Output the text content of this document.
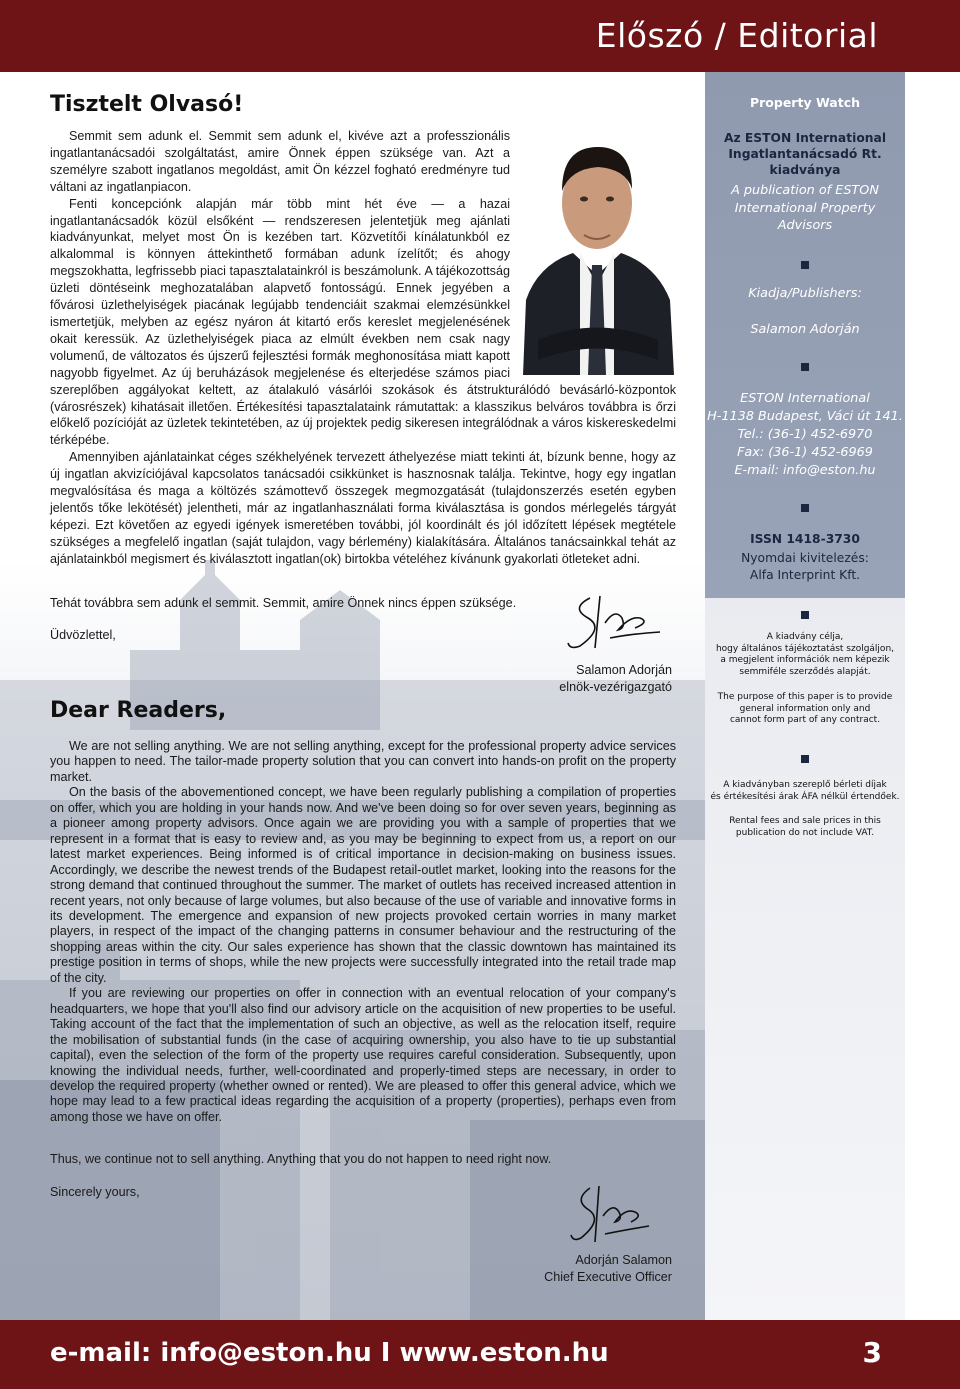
Előszó / Editorial
Property Watch
Az ESTON International
Ingatlantanácsadó Rt. kiadványa
A publication of ESTON
International Property
Advisors
Kiadja/Publishers:
Salamon Adorján
ESTON International
H-1138 Budapest, Váci út 141.
Tel.: (36-1) 452-6970
Fax: (36-1) 452-6969
E-mail: info@eston.hu
ISSN 1418-3730
Nyomdai kivitelezés:
Alfa Interprint Kft.
A kiadvány célja,
hogy általános tájékoztatást szolgáljon,
a megjelent információk nem képezik
semmiféle szerződés alapját.
The purpose of this paper is to provide
general information only and
cannot form part of any contract.
A kiadványban szereplő bérleti díjak
és értékesítési árak ÁFA nélkül értendőek.
Rental fees and sale prices in this
publication do not include VAT.
Tisztelt Olvasó!

Semmit sem adunk el. Semmit sem adunk el, kivéve azt a professzionális ingatlantanácsadói szolgáltatást, amire Önnek éppen szüksége van. Azt a személyre szabott ingatlanos megoldást, amit Ön kézzel fogható eredményre tud váltani az ingatlanpiacon.

Fenti koncepciónk alapján már több mint hét éve — a hazai ingatlantanácsadók közül elsőként — rendszeresen jelentetjük meg ajánlati kiadványunkat, melyet most Ön is kezében tart. Közvetítői kínálatunkból ez alkalommal is könnyen áttekinthető formában adunk ízelítőt; és ahogy megszokhatta, legfrissebb piaci tapasztalatainkról is beszámolunk. A tájékozottság üzleti döntéseink meghozatalában alapvető fontosságú. Ennek jegyében a fővárosi üzlethelyiségek piacának legújabb tendenciáit szakmai elemzésünkkel ismertetjük, melyben az egész nyáron át kitartó erős kereslet megjelenésének okait keressük. Az üzlethelyiségek piaca az elmúlt években nem csak nagy volumenű, de változatos és újszerű fejlesztési formák meghonosítása miatt kapott nagyobb figyelmet. Az új beruházások megjelenése és elterjedése számos piaci szereplőben aggályokat keltett, az átalakuló vásárlói szokások és átstrukturálódó bevásárló-központok (városrészek) kihatásait illetően. Értékesítési tapasztalataink rámutattak: a klasszikus belváros továbbra is őrzi előkelő pozícióját az üzletek tekintetében, az új projektek pedig sikeresen integrálódnak a város kiskereskedelmi térképébe.

Amennyiben ajánlatainkat céges székhelyének tervezett áthelyezése miatt tekinti át, bízunk benne, hogy az új ingatlan akvizíciójával kapcsolatos tanácsadói csikkünket is hasznosnak találja. Tekintve, hogy egy ingatlan megvalósítása és maga a költözés számottevő összegek megmozgatását (tulajdonszerzés esetén egyben jelentős tőke lekötését) jelentheti, már az ingatlanhasználati forma kiválasztása is gondos mérlegelés tárgyát képezi. Ezt követően az egyedi igények ismeretében további, jól koordinált és jól időzített lépések megtétele szükséges a megfelelő ingatlan (saját tulajdon, vagy bérlemény) kialakítására. Általános tanácsainkkal tehát az ajánlatainkból megismert és kiválasztott ingatlan(ok) birtokba vételéhez kívánunk gyakorlati ötleteket adni.

Tehát továbbra sem adunk el semmit. Semmit, amire Önnek nincs éppen szüksége.
Üdvözlettel,
Salamon Adorján
elnök-vezérigazgató
Dear Readers,

We are not selling anything. We are not selling anything, except for the professional property advice services you happen to need. The tailor-made property solution that you can convert into hands-on profit on the property market.

On the basis of the abovementioned concept, we have been regularly publishing a compilation of properties on offer, which you are holding in your hands now. And we've been doing so for over seven years, beginning as a pioneer among property advisors. Once again we are providing you with a sample of properties that we represent in a format that is easy to review and, as you may be beginning to expect from us, a report on our latest market experiences. Being informed is of critical importance in decision-making on business issues. Accordingly, we describe the newest trends of the Budapest retail-outlet market, looking into the reasons for the strong demand that continued throughout the summer. The market of outlets has received increased attention in recent years, not only because of large volumes, but also because of the use of variable and innovative forms in its development. The emergence and expansion of new projects provoked certain worries in many market players, in respect of the impact of the changing patterns in consumer behaviour and the restructuring of the shopping areas within the city. Our sales experience has shown that the classic downtown has maintained its prestige position in terms of shops, while the new projects were successfully integrated into the retail trade map of the city.

If you are reviewing our properties on offer in connection with an eventual relocation of your company's headquarters, we hope that you'll also find our advisory article on the acquisition of new properties to be useful. Taking account of the fact that the implementation of such an objective, as well as the relocation itself, require the mobilisation of substantial funds (in the case of acquiring ownership, you also have to tie up substantial capital), even the selection of the form of the property use requires careful consideration. Subsequently, upon knowing the individual needs, further, well-coordinated and properly-timed steps are necessary, in order to develop the required property (whether owned or rented). We are pleased to offer this general advice, which we hope may lead to a few practical ideas regarding the acquisition of a property (properties), perhaps even from among those we have on offer.

Thus, we continue not to sell anything. Anything that you do not happen to need right now.
Sincerely yours,
Adorján Salamon
Chief Executive Officer
e-mail: info@eston.hu I www.eston.hu	3
